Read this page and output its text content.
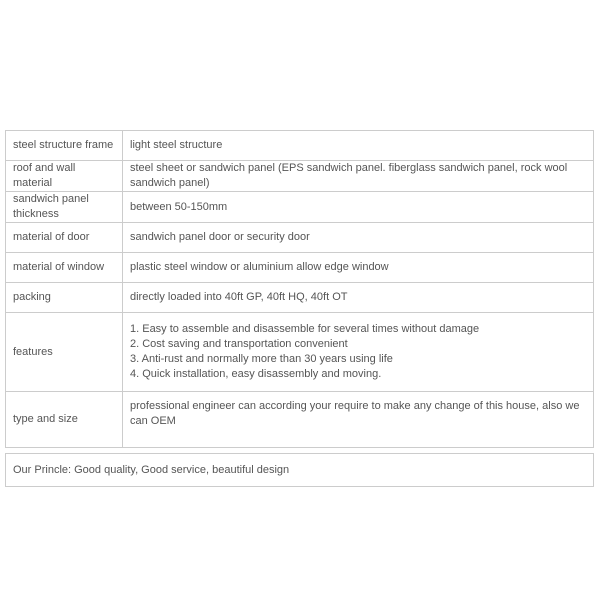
steel structure frame	light steel structure
roof and wall material	steel sheet or sandwich panel (EPS sandwich panel. fiberglass sandwich panel, rock wool sandwich panel)
sandwich panel thickness	between 50-150mm
material of door	sandwich panel door or security door
material of window	plastic steel window or aluminium allow edge window
packing	directly loaded into 40ft GP, 40ft HQ, 40ft OT
features	1. Easy to assemble and disassemble for several times without damage
2. Cost saving and transportation convenient
3. Anti-rust and normally more than 30 years using life
4. Quick installation, easy disassembly and moving.

type and size	professional engineer can according your require to make any change of this house, also we can OEM
Our Princle: Good quality, Good service, beautiful design
